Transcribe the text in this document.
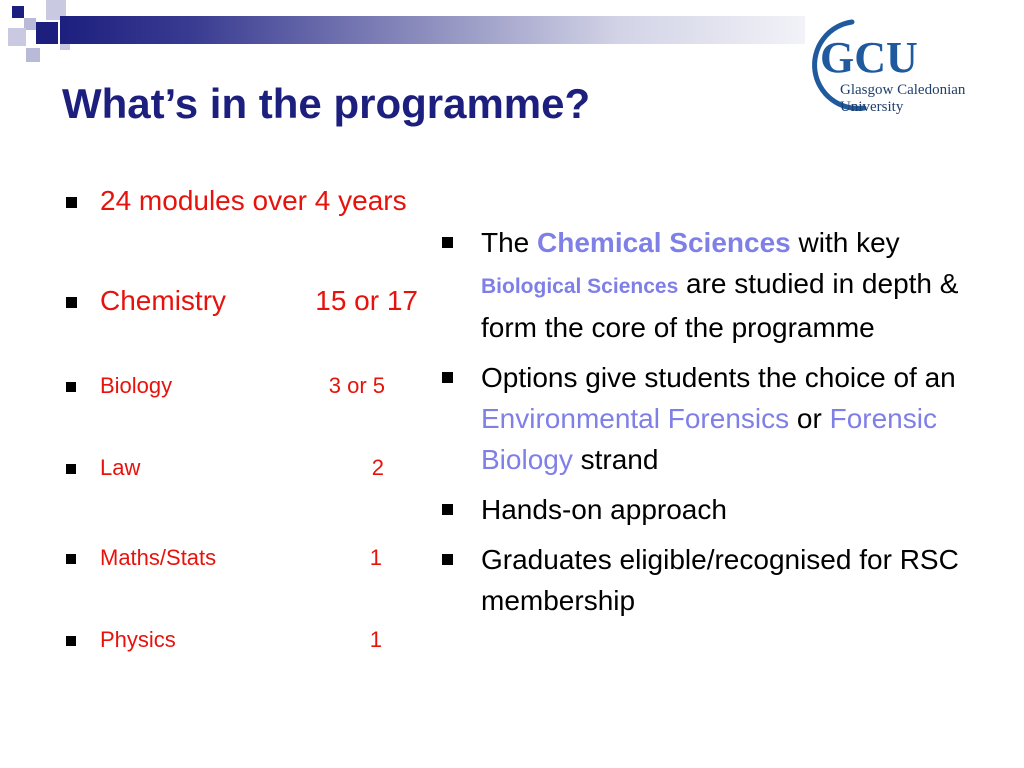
What’s in the programme?
GCU
Glasgow Caledonian
University
24 modules over 4 years
Chemistry	15 or 17
Biology	3 or 5
Law	2
Maths/Stats	1
Physics	1
The Chemical Sciences with key Biological Sciences are studied in depth & form the core of the programme
Options give students the choice of an Environmental Forensics or Forensic Biology strand
Hands-on approach
Graduates eligible/recognised for RSC membership
